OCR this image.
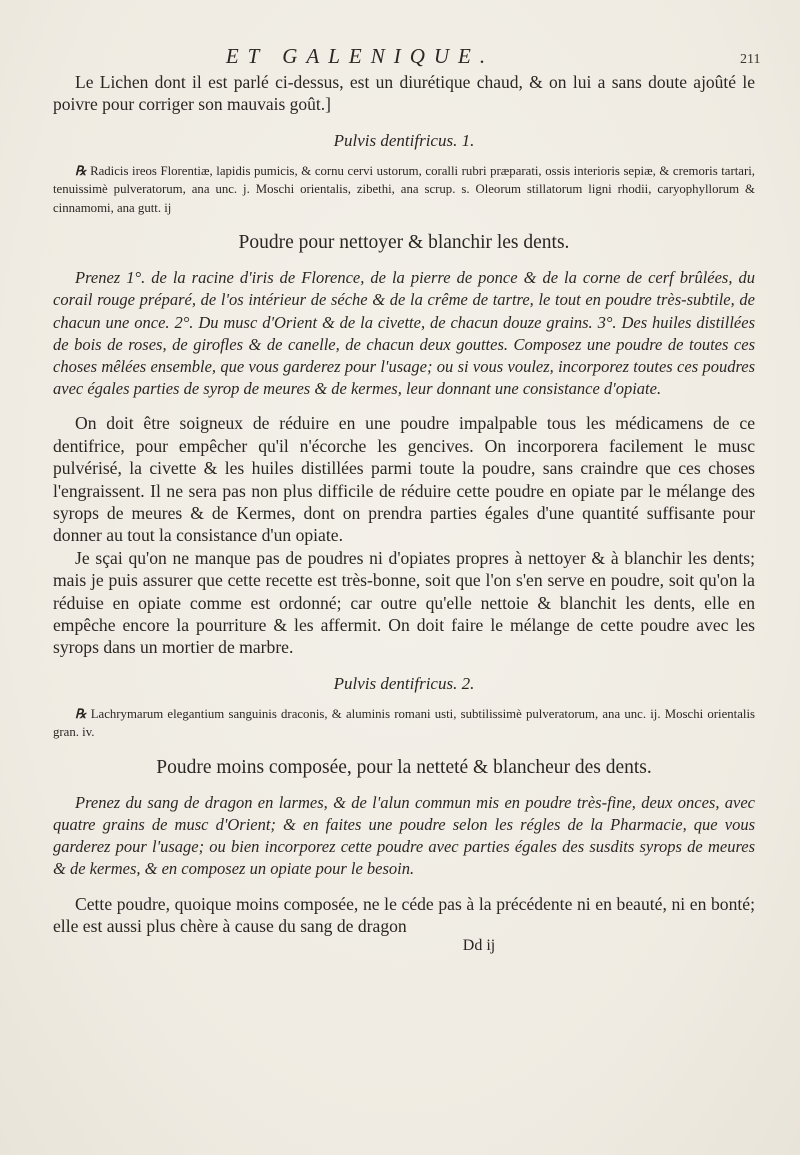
ET GALENIQUE.	211

Le Lichen dont il est parlé ci-dessus, est un diurétique chaud, & on lui a sans doute ajoûté le poivre pour corriger son mauvais goût.]

Pulvis dentifricus. 1.

℞ Radicis ireos Florentiæ, lapidis pumicis, & cornu cervi ustorum, coralli rubri præparati, ossis interioris sepiæ, & cremoris tartari, tenuissimè pulveratorum, ana unc. j. Moschi orientalis, zibethi, ana scrup. s. Oleorum stillatorum ligni rhodii, caryophyllorum & cinnamomi, ana gutt. ij

Poudre pour nettoyer & blanchir les dents.

Prenez 1°. de la racine d'iris de Florence, de la pierre de ponce & de la corne de cerf brûlées, du corail rouge préparé, de l'os intérieur de séche & de la crême de tartre, le tout en poudre très-subtile, de chacun une once. 2°. Du musc d'Orient & de la civette, de chacun douze grains. 3°. Des huiles distillées de bois de roses, de girofles & de canelle, de chacun deux gouttes. Composez une poudre de toutes ces choses mêlées ensemble, que vous garderez pour l'usage; ou si vous voulez, incorporez toutes ces poudres avec égales parties de syrop de meures & de kermes, leur donnant une consistance d'opiate.

On doit être soigneux de réduire en une poudre impalpable tous les médicamens de ce dentifrice, pour empêcher qu'il n'écorche les gencives. On incorporera facilement le musc pulvérisé, la civette & les huiles distillées parmi toute la poudre, sans craindre que ces choses l'engraissent. Il ne sera pas non plus difficile de réduire cette poudre en opiate par le mélange des syrops de meures & de Kermes, dont on prendra parties égales d'une quantité suffisante pour donner au tout la consistance d'un opiate.

Je sçai qu'on ne manque pas de poudres ni d'opiates propres à nettoyer & à blanchir les dents; mais je puis assurer que cette recette est très-bonne, soit que l'on s'en serve en poudre, soit qu'on la réduise en opiate comme est ordonné; car outre qu'elle nettoie & blanchit les dents, elle en empêche encore la pourriture & les affermit. On doit faire le mélange de cette poudre avec les syrops dans un mortier de marbre.

Pulvis dentifricus. 2.

℞ Lachrymarum elegantium sanguinis draconis, & aluminis romani usti, subtilissimè pulveratorum, ana unc. ij. Moschi orientalis gran. iv.

Poudre moins composée, pour la netteté & blancheur des dents.

Prenez du sang de dragon en larmes, & de l'alun commun mis en poudre très-fine, deux onces, avec quatre grains de musc d'Orient; & en faites une poudre selon les régles de la Pharmacie, que vous garderez pour l'usage; ou bien incorporez cette poudre avec parties égales des susdits syrops de meures & de kermes, & en composez un opiate pour le besoin.

Cette poudre, quoique moins composée, ne le céde pas à la précédente ni en beauté, ni en bonté; elle est aussi plus chère à cause du sang de dragon

Dd ij
